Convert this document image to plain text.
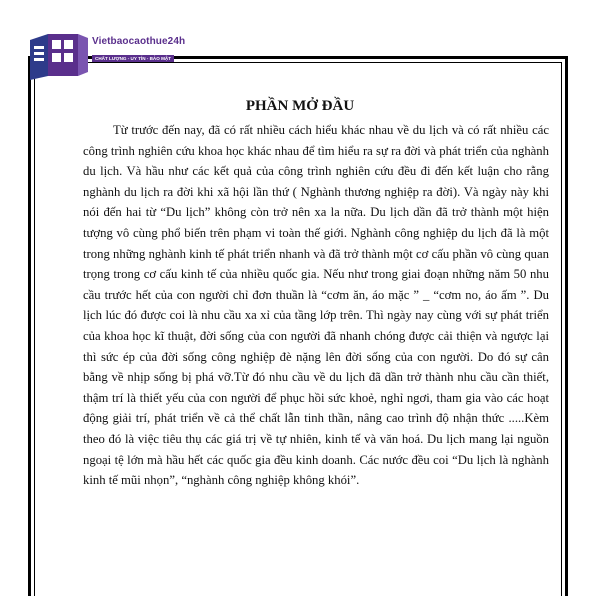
Vietbaocaothue24h
CHẤT LƯỢNG - UY TÍN - BẢO MẬT
PHẦN MỞ ĐẦU

Từ trước đến nay, đã có rất nhiều cách hiểu khác nhau về du lịch và có rất nhiều các công trình nghiên cứu khoa học khác nhau để tìm hiểu ra sự ra đời và phát triển của nghành du lịch. Và hầu như các kết quả của công trình nghiên cứu đều đi đến kết luận cho rằng nghành du lịch ra đời khi xã hội lần thứ ( Nghành thương nghiệp ra đời). Và ngày này khi nói đến hai từ “Du lịch” không còn trở nên xa la nữa. Du lịch dần đã trở thành một hiện tượng vô cùng phổ biến trên phạm vi toàn thế giới. Nghành công nghiệp du lịch đã là một trong những nghành kinh tế phát triển nhanh và đã trở thành một cơ cấu phần vô cùng quan trọng trong cơ cấu kinh tế của nhiều quốc gia. Nếu như trong giai đoạn những năm 50 nhu cầu trước hết của con người chỉ đơn thuần là “cơm ăn, áo mặc ” _ “cơm no, áo ấm ”. Du lịch lúc đó được coi là nhu cầu xa xỉ của tầng lớp trên. Thì ngày nay cùng với sự phát triển của khoa học kĩ thuật, đời sống của con người đã nhanh chóng được cải thiện và ngược lại thì sức ép của đời sống công nghiệp đè nặng lên đời sống của con người. Do đó sự cân bằng về nhịp sống bị phá vỡ.Từ đó nhu cầu về du lịch đã dần trở thành nhu cầu cần thiết, thậm trí là thiết yếu của con người để phục hồi sức khoẻ, nghỉ ngơi, tham gia vào các hoạt động giải trí, phát triển về cả thể chất lẫn tinh thần, nâng cao trình độ nhận thức .....Kèm theo đó là việc tiêu thụ các giá trị về tự nhiên, kinh tế và văn hoá. Du lịch mang lại nguồn ngoại tệ lớn mà hầu hết các quốc gia đều kinh doanh. Các nước đều coi “Du lịch là nghành kinh tế mũi nhọn”, “nghành công nghiệp không khói”.
